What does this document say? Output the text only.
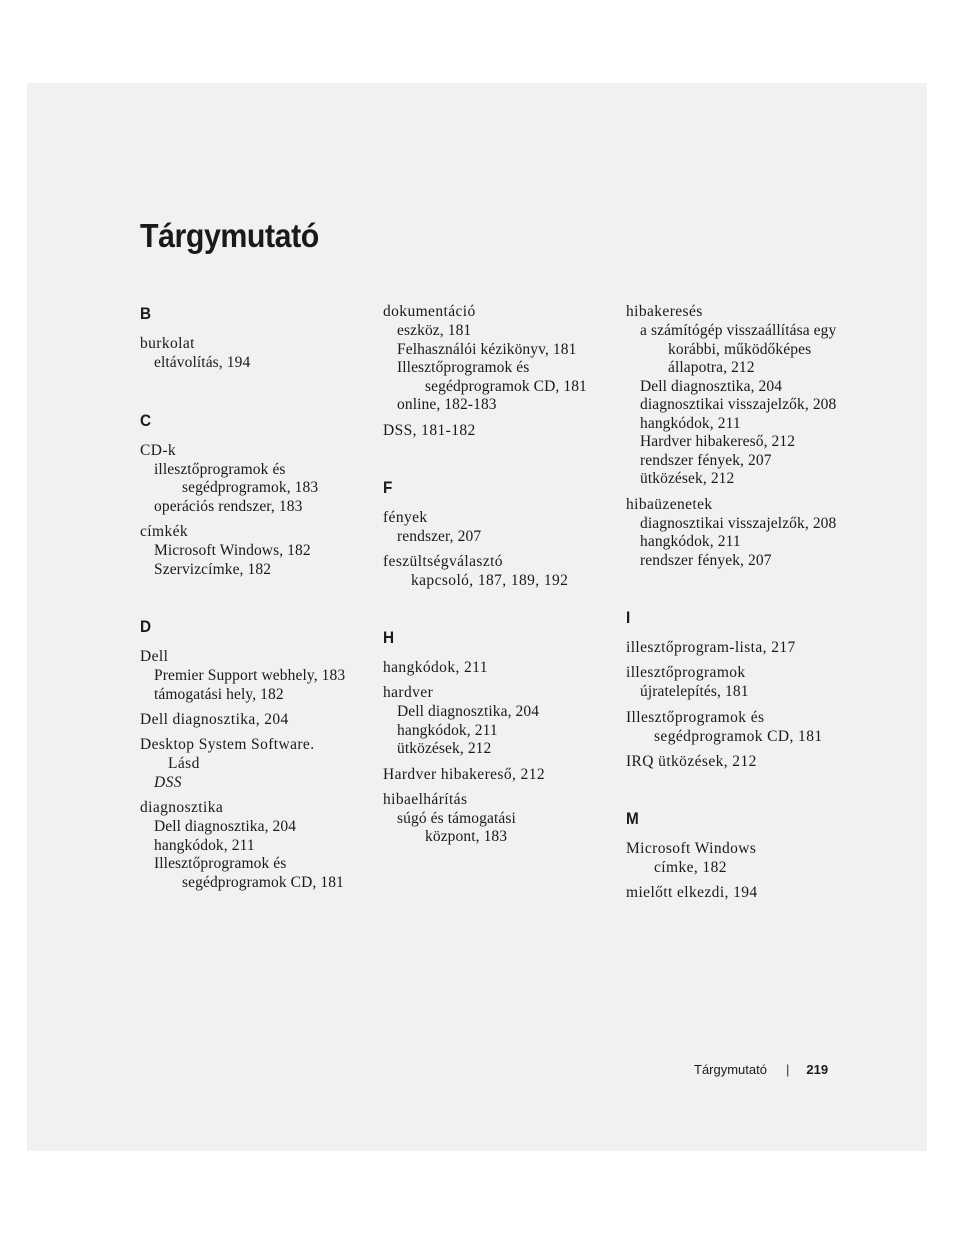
Tárgymutató
B
burkolat
eltávolítás, 194
C
CD-k
illesztőprogramok és
segédprogramok, 183
operációs rendszer, 183
címkék
Microsoft Windows, 182
Szervizcímke, 182
D
Dell
Premier Support webhely, 183
támogatási hely, 182
Dell diagnosztika, 204
Desktop System Software.
Lásd
DSS
diagnosztika
Dell diagnosztika, 204
hangkódok, 211
Illesztőprogramok és
segédprogramok CD, 181
dokumentáció
eszköz, 181
Felhasználói kézikönyv, 181
Illesztőprogramok és
segédprogramok CD, 181
online, 182-183
DSS, 181-182
F
fények
rendszer, 207
feszültségválasztó
kapcsoló, 187, 189, 192
H
hangkódok, 211
hardver
Dell diagnosztika, 204
hangkódok, 211
ütközések, 212
Hardver hibakereső, 212
hibaelhárítás
súgó és támogatási
központ, 183
hibakeresés
a számítógép visszaállítása egy
korábbi, működőképes
állapotra, 212
Dell diagnosztika, 204
diagnosztikai visszajelzők, 208
hangkódok, 211
Hardver hibakereső, 212
rendszer fények, 207
ütközések, 212
hibaüzenetek
diagnosztikai visszajelzők, 208
hangkódok, 211
rendszer fények, 207
I
illesztőprogram-lista, 217
illesztőprogramok
újratelepítés, 181
Illesztőprogramok és
segédprogramok CD, 181
IRQ ütközések, 212
M
Microsoft Windows
címke, 182
mielőtt elkezdi, 194
Tárgymutató | 219
